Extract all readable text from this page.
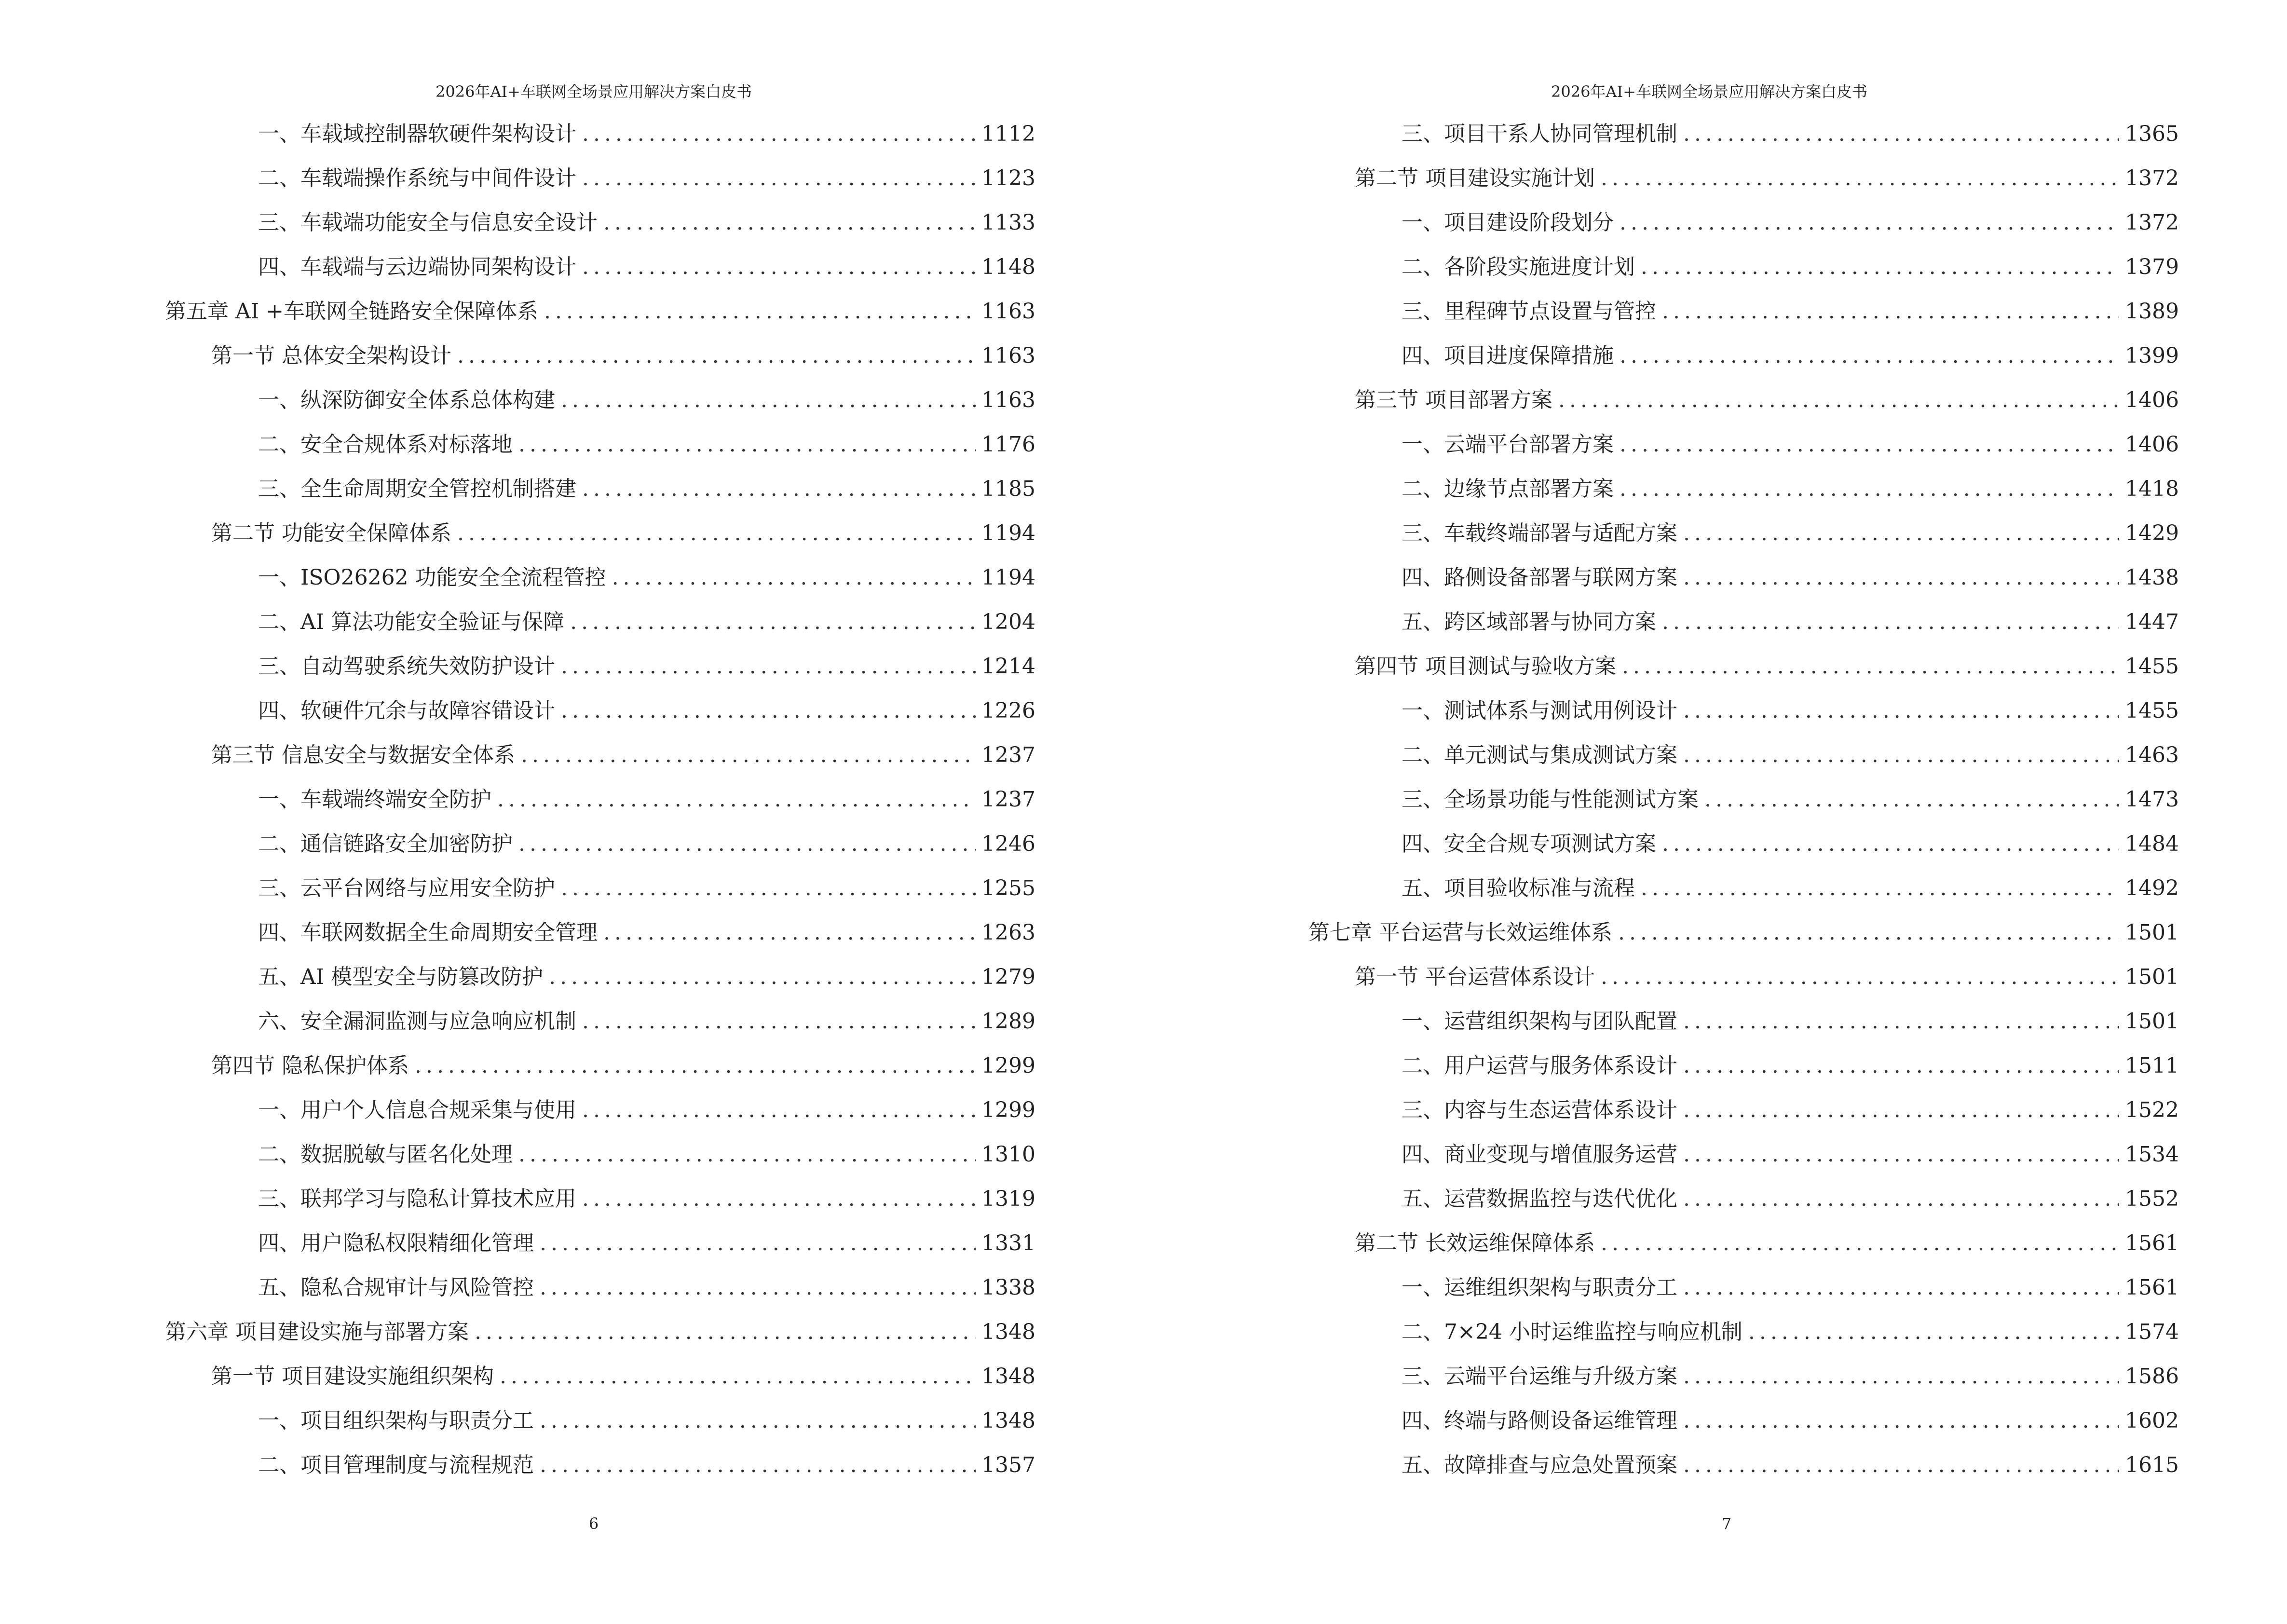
2026年AI+车联网全场景应用解决方案白皮书
一、车载域控制器软硬件架构设计 .....	1112
二、车载端操作系统与中间件设计 .....	1123
三、车载端功能安全与信息安全设计 .....	1133
四、车载端与云边端协同架构设计 .....	1148
第五章 AI +车联网全链路安全保障体系 .....	1163
第一节 总体安全架构设计 .....	1163
一、纵深防御安全体系总体构建 .....	1163
二、安全合规体系对标落地 .....	1176
三、全生命周期安全管控机制搭建 .....	1185
第二节 功能安全保障体系 .....	1194
一、ISO26262 功能安全全流程管控 .....	1194
二、AI 算法功能安全验证与保障 .....	1204
三、自动驾驶系统失效防护设计 .....	1214
四、软硬件冗余与故障容错设计 .....	1226
第三节 信息安全与数据安全体系 .....	1237
一、车载端终端安全防护 .....	1237
二、通信链路安全加密防护 .....	1246
三、云平台网络与应用安全防护 .....	1255
四、车联网数据全生命周期安全管理 .....	1263
五、AI 模型安全与防篡改防护 .....	1279
六、安全漏洞监测与应急响应机制 .....	1289
第四节 隐私保护体系 .....	1299
一、用户个人信息合规采集与使用 .....	1299
二、数据脱敏与匿名化处理 .....	1310
三、联邦学习与隐私计算技术应用 .....	1319
四、用户隐私权限精细化管理 .....	1331
五、隐私合规审计与风险管控 .....	1338
第六章 项目建设实施与部署方案 .....	1348
第一节 项目建设实施组织架构 .....	1348
一、项目组织架构与职责分工 .....	1348
二、项目管理制度与流程规范 .....	1357
6
2026年AI+车联网全场景应用解决方案白皮书
三、项目干系人协同管理机制 .....	1365
第二节 项目建设实施计划 .....	1372
一、项目建设阶段划分 .....	1372
二、各阶段实施进度计划 .....	1379
三、里程碑节点设置与管控 .....	1389
四、项目进度保障措施 .....	1399
第三节 项目部署方案 .....	1406
一、云端平台部署方案 .....	1406
二、边缘节点部署方案 .....	1418
三、车载终端部署与适配方案 .....	1429
四、路侧设备部署与联网方案 .....	1438
五、跨区域部署与协同方案 .....	1447
第四节 项目测试与验收方案 .....	1455
一、测试体系与测试用例设计 .....	1455
二、单元测试与集成测试方案 .....	1463
三、全场景功能与性能测试方案 .....	1473
四、安全合规专项测试方案 .....	1484
五、项目验收标准与流程 .....	1492
第七章 平台运营与长效运维体系 .....	1501
第一节 平台运营体系设计 .....	1501
一、运营组织架构与团队配置 .....	1501
二、用户运营与服务体系设计 .....	1511
三、内容与生态运营体系设计 .....	1522
四、商业变现与增值服务运营 .....	1534
五、运营数据监控与迭代优化 .....	1552
第二节 长效运维保障体系 .....	1561
一、运维组织架构与职责分工 .....	1561
二、7×24 小时运维监控与响应机制 .....	1574
三、云端平台运维与升级方案 .....	1586
四、终端与路侧设备运维管理 .....	1602
五、故障排查与应急处置预案 .....	1615
7
